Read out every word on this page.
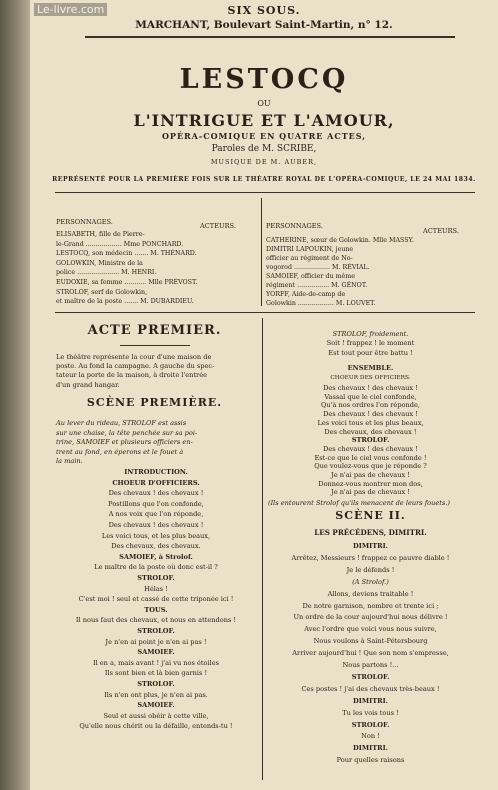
Le-livre.com	SIX SOUS.
MARCHANT, Boulevart Saint-Martin, n° 12.
LESTOCQ
OU
L'INTRIGUE ET L'AMOUR,
OPÉRA-COMIQUE EN QUATRE ACTES,
Paroles de M. SCRIBE,
MUSIQUE DE M. AUBER,
REPRÉSENTÉ POUR LA PREMIÈRE FOIS SUR LE THÉATRE ROYAL DE L'OPÉRA-COMIQUE, LE 24 MAI 1834.
PERSONNAGES.	ACTEURS.	PERSONNAGES.
ACTEURS.
ELISABETH, fille de Pierre-
le-Grand .................. Mme PONCHARD.
LESTOCQ, son médecin ....... M. THÉNARD.
GOLOWKIN, Ministre de la
police ..................... M. HENRI.
EUDOXIE, sa femme ........... Mlle PRÉVOST.
STROLOF, serf de Golowkin,
et maître de la poste ....... M. DUBARDIEU.
CATHERINE, sœur de Golowkin. Mlle MASSY.
DIMITRI LAPOUKIN, jeune
officier au régiment de No-
vogorod .................. M. RÉVIAL.
SAMOIEF, officier du même
régiment ................ M. GÉNOT.
YORFF, Aide-de-camp de
Golowkin .................. M. LOUVET.
ACTE PREMIER.
Le théâtre représente la cour d'une maison de
poste. Au fond la campagne. A gauche du spec-
tateur la porte de la maison, à droite l'entrée
d'un grand hangar.
SCÈNE PREMIÈRE.
Au lever du rideau, STROLOF est assis
sur une chaise, la tête penchée sur sa poi-
trine, SAMOIEF et plusieurs officiers en-
trent au fond, en éperons et le fouet à
la main.
INTRODUCTION.
CHOEUR D'OFFICIERS.
Des chevaux ! des chevaux !
Postillons que l'on confonde,
A nos voix que l'on réponde,
Des chevaux ! des chevaux !
Les voici tous, et les plus beaux,
Des chevaux, des chevaux.
SAMOIEF, à Strolof.
Le maître de la poste où donc est-il ?
STROLOF.
Hélas !
C'est moi ! seul et cassé de cette triponée ici !
TOUS.
Il nous faut des chevaux, et nous en attendons !
STROLOF.
Je n'en ai point je n'en ai pas !
SAMOIEF.
Il en a, mais avant ! j'ai vu nos étoiles
Ils sont bien et là bien garnis !
STROLOF.
Ils n'en ont plus, je n'en ai pas.
SAMOIEF.
Seul et aussi obéir à cette ville,
Qu'elle nous chérit ou la défaille, entends-tu !
STROLOF, froidement.
Soit ! frappez ! le moment
Est tout pour être battu !
ENSEMBLE.
CHOEUR DES OFFICIERS.
Des chevaux ! des chevaux !
Vassal que le ciel confonde,
Qu'à nos ordres l'on réponde,
Des chevaux ! des chevaux !
Les voici tous et les plus beaux,
Des chevaux, des chevaux !
STROLOF.
Des chevaux ! des chevaux !
Est-ce que le ciel vous confonde !
Que voulez-vous que je réponde ?
Je n'ai pas de chevaux !
Donnez-vous montrer mon dos,
Je n'ai pas de chevaux !
(Ils entourent Strolof qu'ils menacent de leurs fouets.)
SCÈNE II.
LES PRÉCÉDENS, DIMITRI.
DIMITRI.
Arrêtez, Messieurs ! frappez ce pauvre diable !
Je le défends !
(A Strolof.)
Allons, deviens traitable !
De notre garnison, nombre et trente ici ;
Un ordre de la cour aujourd'hui nous délivre !
Avec l'ordre que voici vous nous suivre,
Nous voulons à Saint-Pétersbourg
Arriver aujourd'hui ! Que son nom s'empresse,
Nous partons !...
STROLOF.
Ces postes ! j'ai des chevaux très-beaux !
DIMITRI.
Tu les vois tous !
STROLOF.
Non !
DIMITRI.
Pour quelles raisons
